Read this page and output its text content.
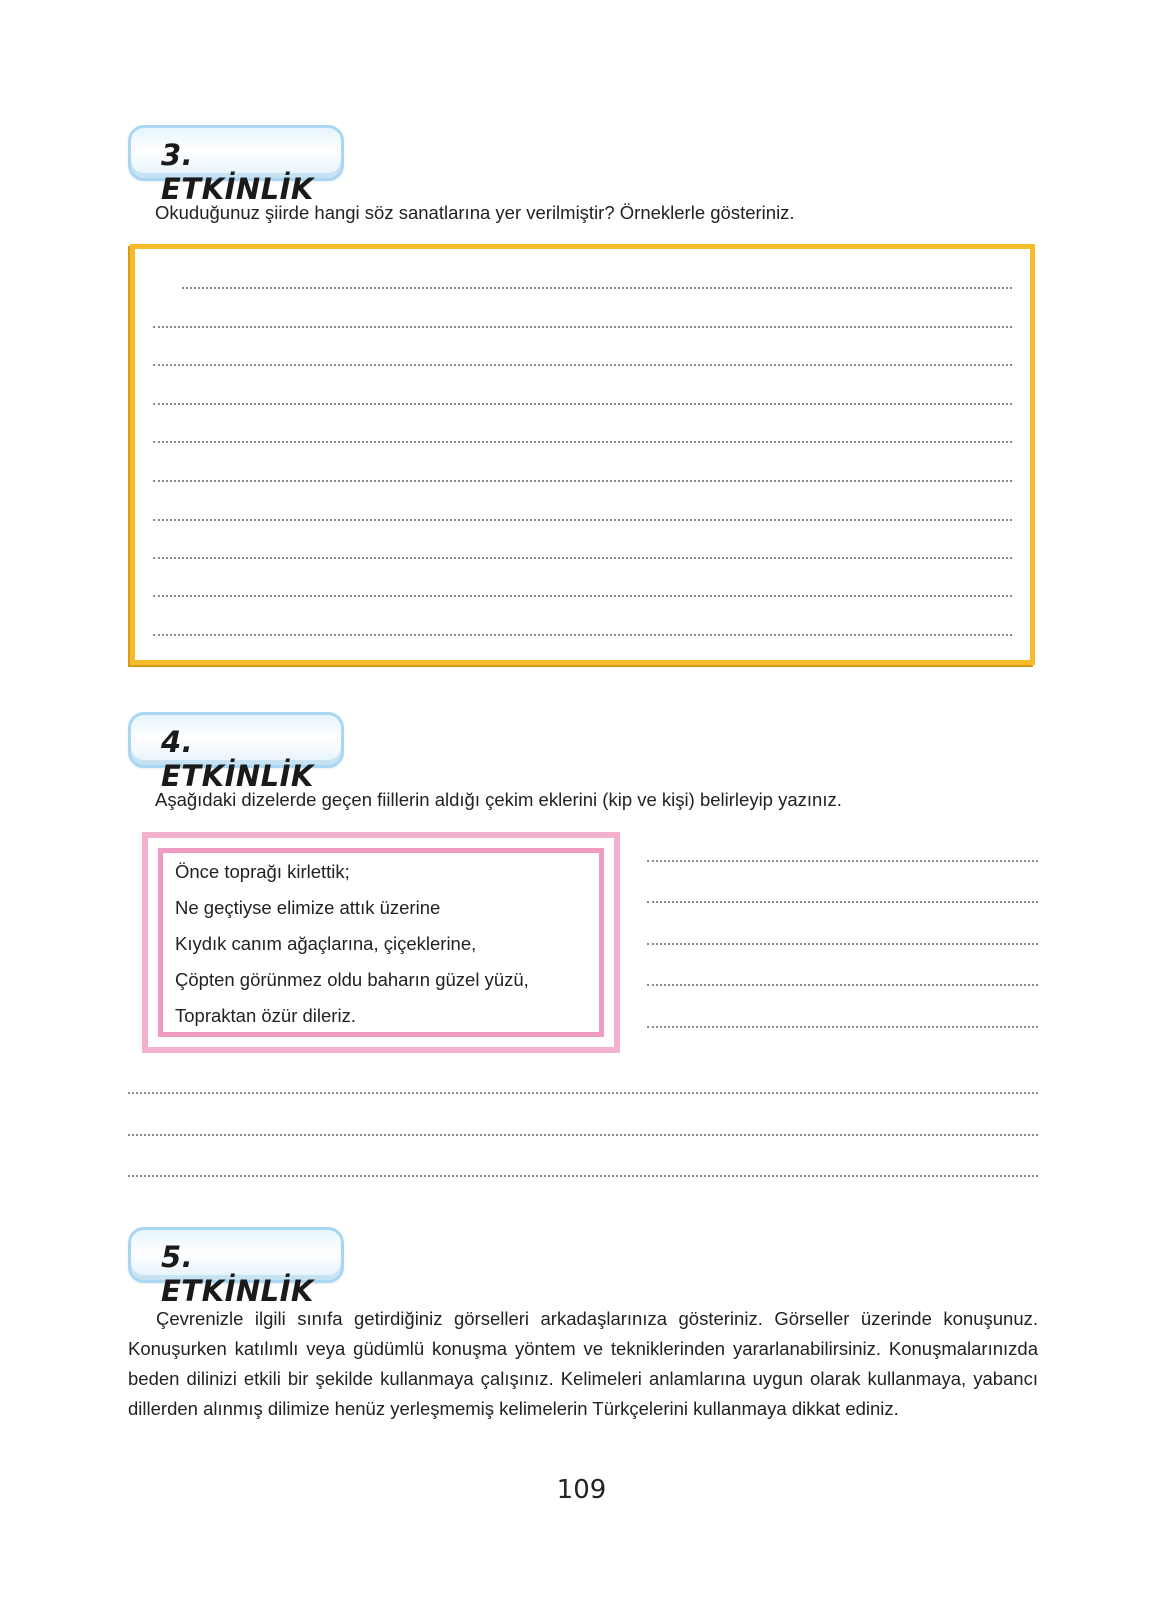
3. ETKİNLİK
Okuduğunuz şiirde hangi söz sanatlarına yer verilmiştir? Örneklerle gösteriniz.
4. ETKİNLİK
Aşağıdaki dizelerde geçen fiillerin aldığı çekim eklerini (kip ve kişi) belirleyip yazınız.
Önce toprağı kirlettik;
Ne geçtiyse elimize attık üzerine
Kıydık canım ağaçlarına, çiçeklerine,
Çöpten görünmez oldu baharın güzel yüzü,
Topraktan özür dileriz.
5. ETKİNLİK

Çevrenizle ilgili sınıfa getirdiğiniz görselleri arkadaşlarınıza gösteriniz. Görseller üzerinde konuşunuz. Konuşurken katılımlı veya güdümlü konuşma yöntem ve tekniklerinden yararlanabilirsiniz. Konuşmalarınızda beden dilinizi etkili bir şekilde kullanmaya çalışınız. Kelimeleri anlamlarına uygun olarak kullanmaya, yabancı dillerden alınmış dilimize henüz yerleşmemiş kelimelerin Türkçelerini kullanmaya dikkat ediniz.

109
